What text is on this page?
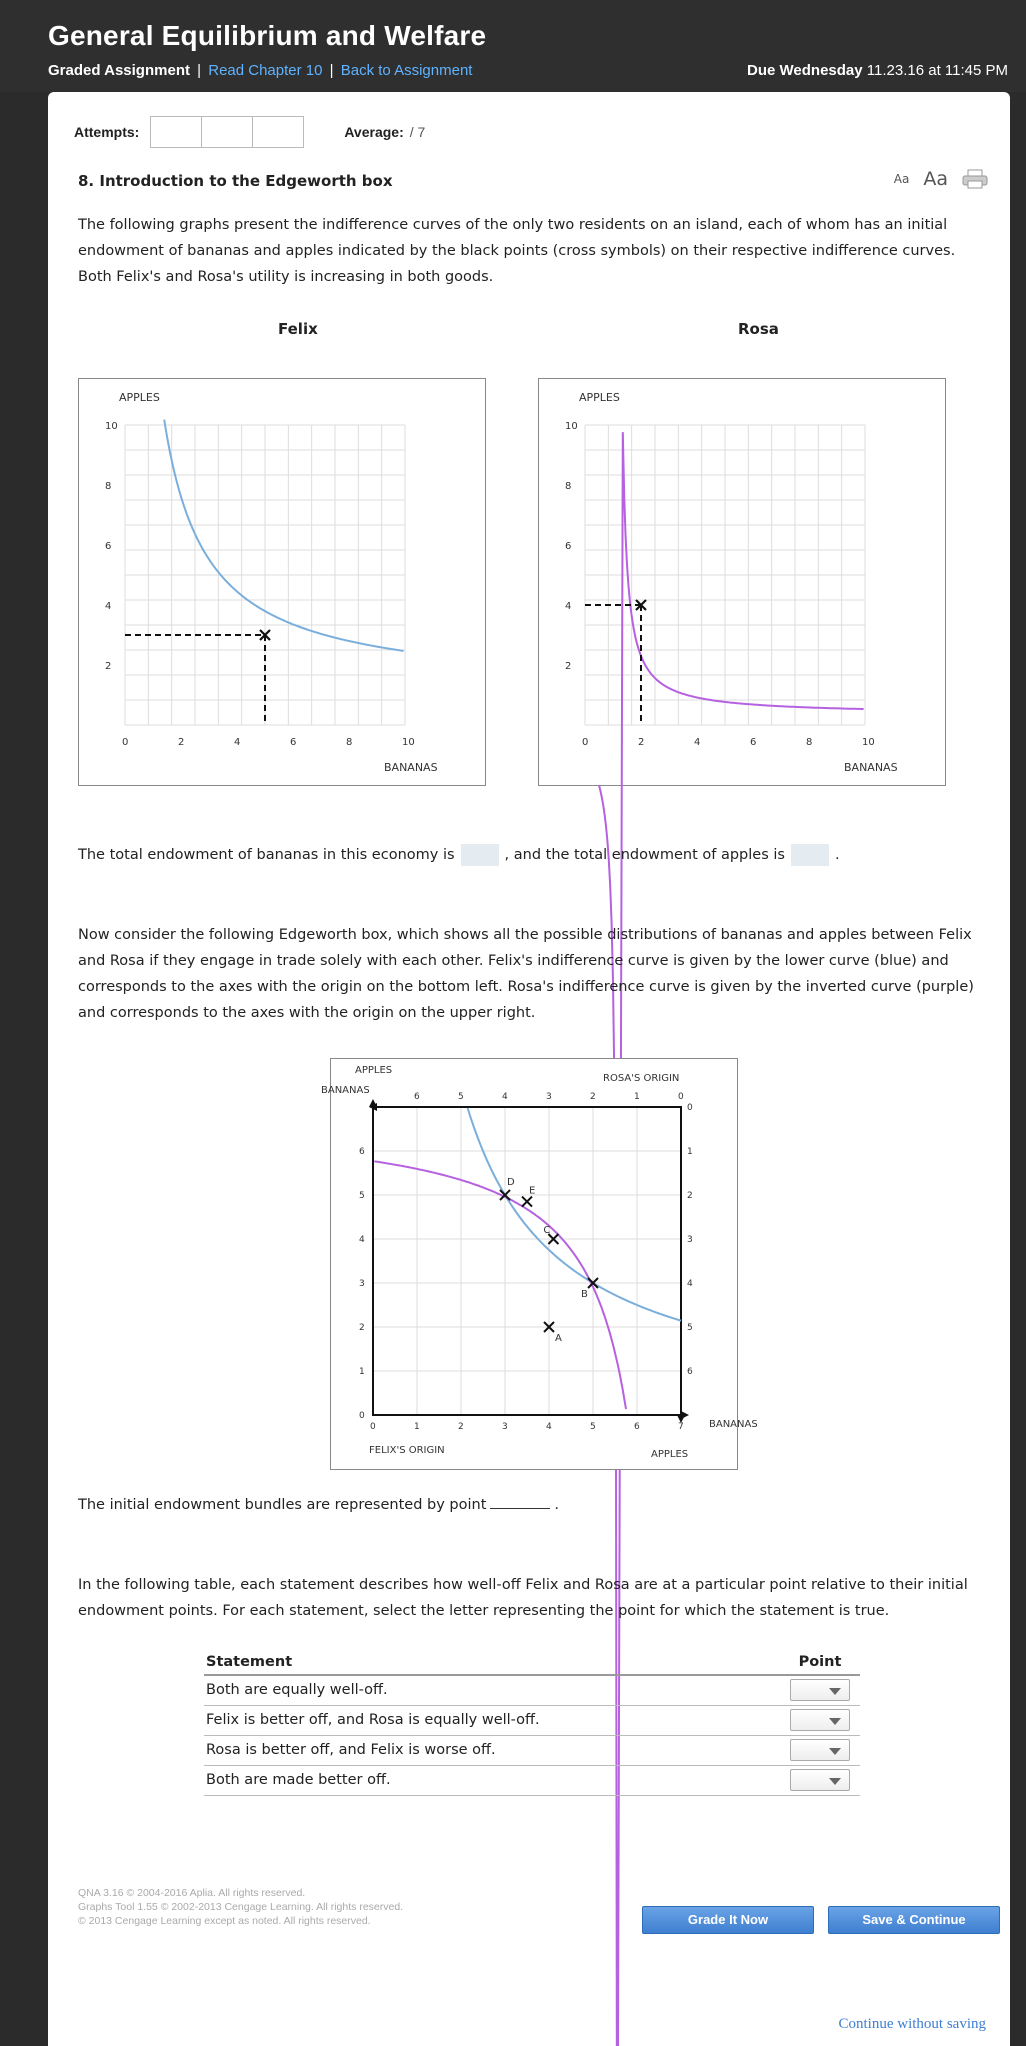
General Equilibrium and Welfare
Graded Assignment | Read Chapter 10 | Back to Assignment	Due Wednesday 11.23.16 at 11:45 PM
Attempts:	Average: / 7
8. Introduction to the Edgeworth box	Aa Aa
The following graphs present the indifference curves of the only two residents on an island, each of whom has an initial endowment of bananas and apples indicated by the black points (cross symbols) on their respective indifference curves. Both Felix's and Rosa's utility is increasing in both goods.
Felix	Rosa
APPLES
BANANAS
0	2	4	6	8	10
10
8
6
4
2
APPLES
BANANAS
0	2	4	6	8	10
10
8
6
4
2
The total endowment of bananas in this economy is	, and the total endowment of apples is	.
Now consider the following Edgeworth box, which shows all the possible distributions of bananas and apples between Felix and Rosa if they engage in trade solely with each other. Felix's indifference curve is given by the lower curve (blue) and corresponds to the axes with the origin on the bottom left. Rosa's indifference curve is given by the inverted curve (purple) and corresponds to the axes with the origin on the upper right.
APPLES
BANANAS
ROSA'S ORIGIN
FELIX'S ORIGIN
BANANAS
APPLES
0	1	2	3	4	5	6	7
6	5	4	3	2	1	0
6
5
4
3
2
1
0
0
1
2
3
4
5
6
A
B
C
D
E
The initial endowment bundles are represented by point	.
In the following table, each statement describes how well-off Felix and Rosa are at a particular point relative to their initial endowment points. For each statement, select the letter representing the point for which the statement is true.
Statement	Point
Both are equally well-off.	
Felix is better off, and Rosa is equally well-off.	
Rosa is better off, and Felix is worse off.	
Both are made better off.	
QNA 3.16 © 2004-2016 Aplia. All rights reserved.
Graphs Tool 1.55 © 2002-2013 Cengage Learning. All rights reserved.
© 2013 Cengage Learning except as noted. All rights reserved.	Grade It Now	Save & Continue
Continue without saving
